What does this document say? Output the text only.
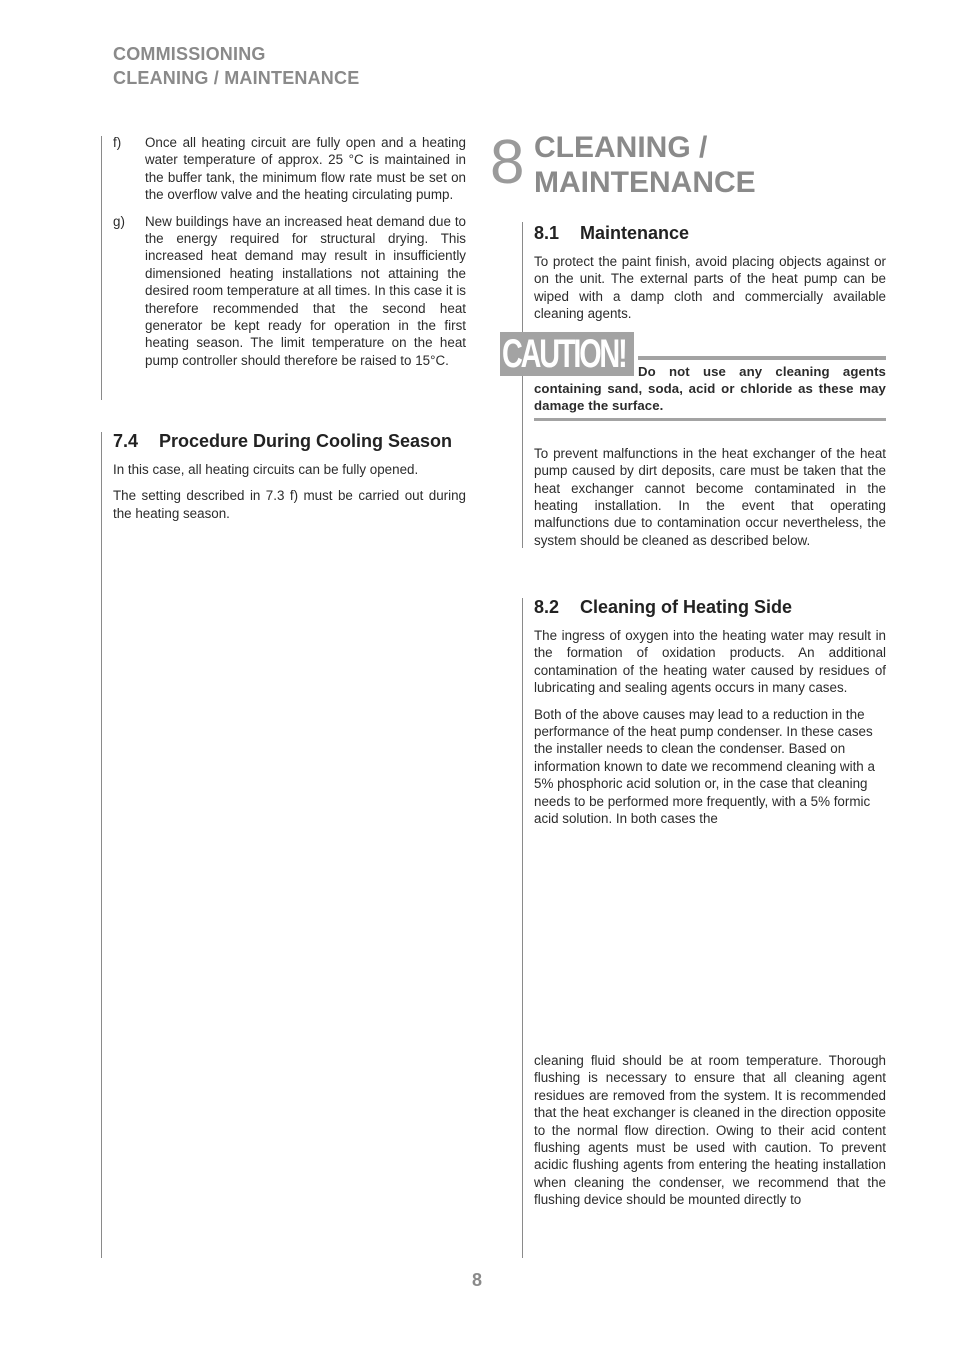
COMMISSIONING
CLEANING / MAINTENANCE
f) Once all heating circuit are fully open and a heating water temperature of approx. 25 °C is maintained in the buffer tank, the minimum flow rate must be set on the overflow valve and the heating circulating pump.
g) New buildings have an increased heat demand due to the energy required for structural drying. This increased heat demand may result in insufficiently dimensioned heating installations not attaining the desired room temperature at all times. In this case it is therefore recommended that the second heat generator be kept ready for operation in the first heating season. The limit temperature on the heat pump controller should therefore be raised to 15°C.
7.4 Procedure During Cooling Season

In this case, all heating circuits can be fully opened.

The setting described in 7.3 f) must be carried out during the heating season.

8 CLEANING /
MAINTENANCE
8.1 Maintenance

To protect the paint finish, avoid placing objects against or on the unit. The external parts of the heat pump can be wiped with a damp cloth and commercially available cleaning agents.

CAUTION! Do not use any cleaning agents containing sand, soda, acid or chloride as these may damage the surface.

To prevent malfunctions in the heat exchanger of the heat pump caused by dirt deposits, care must be taken that the heat exchanger cannot become contaminated in the heating installation. In the event that operating malfunctions due to contamination occur nevertheless, the system should be cleaned as described below.

8.2 Cleaning of Heating Side

The ingress of oxygen into the heating water may result in the formation of oxidation products. An additional contamination of the heating water caused by residues of lubricating and sealing agents occurs in many cases.

Both of the above causes may lead to a reduction in the performance of the heat pump condenser. In these cases the installer needs to clean the condenser. Based on information known to date we recommend cleaning with a 5% phosphoric acid solution or, in the case that cleaning needs to be performed more frequently, with a 5% formic acid solution. In both cases the

cleaning fluid should be at room temperature. Thorough flushing is necessary to ensure that all cleaning agent residues are removed from the system. It is recommended that the heat exchanger is cleaned in the direction opposite to the normal flow direction. Owing to their acid content flushing agents must be used with caution. To prevent acidic flushing agents from entering the heating installation when cleaning the condenser, we recommend that the flushing device should be mounted directly to

8
